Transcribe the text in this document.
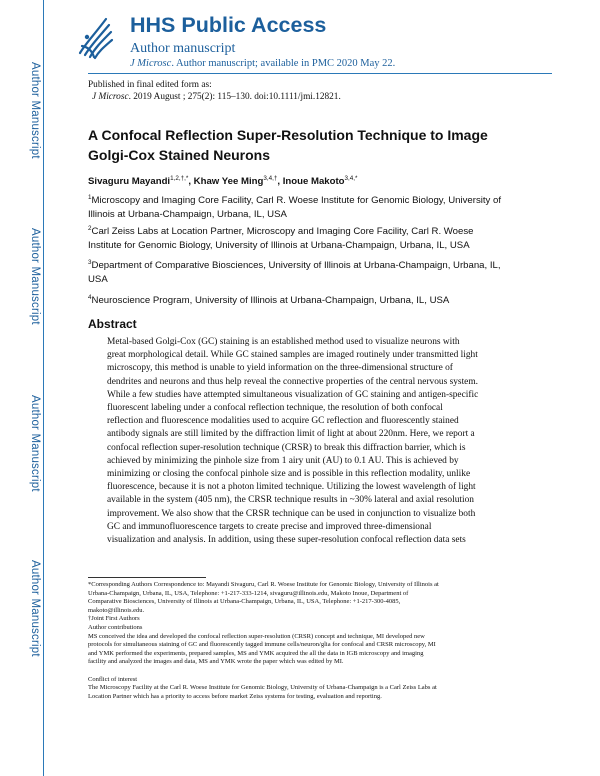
Author Manuscript
Author Manuscript
Author Manuscript
Author Manuscript
HHS Public Access
Author manuscript
J Microsc. Author manuscript; available in PMC 2020 May 22.
Published in final edited form as:
J Microsc. 2019 August ; 275(2): 115–130. doi:10.1111/jmi.12821.
A Confocal Reflection Super-Resolution Technique to Image
Golgi-Cox Stained Neurons
Sivaguru Mayandi$^{1,2,\dagger,*}$, Khaw Yee Ming$^{3,4,\dagger}$, Inoue Makoto$^{3,4,*}$
$^1$Microscopy and Imaging Core Facility, Carl R. Woese Institute for Genomic Biology, University of
Illinois at Urbana-Champaign, Urbana, IL, USA
$^2$Carl Zeiss Labs at Location Partner, Microscopy and Imaging Core Facility, Carl R. Woese
Institute for Genomic Biology, University of Illinois at Urbana-Champaign, Urbana, IL, USA
$^3$Department of Comparative Biosciences, University of Illinois at Urbana-Champaign, Urbana, IL,
USA
$^4$Neuroscience Program, University of Illinois at Urbana-Champaign, Urbana, IL, USA
Abstract
Metal-based Golgi-Cox (GC) staining is an established method used to visualize neurons with
great morphological detail. While GC stained samples are imaged routinely under transmitted light
microscopy, this method is unable to yield information on the three-dimensional structure of
dendrites and neurons and thus help reveal the connective properties of the central nervous system.
While a few studies have attempted simultaneous visualization of GC staining and antigen-specific
fluorescent labeling under a confocal reflection technique, the resolution of both confocal
reflection and fluorescence modalities used to acquire GC reflection and fluorescently stained
antibody signals are still limited by the diffraction limit of light at about 220nm. Here, we report a
confocal reflection super-resolution technique (CRSR) to break this diffraction barrier, which is
achieved by minimizing the pinhole size from 1 airy unit (AU) to 0.1 AU. This is achieved by
minimizing or closing the confocal pinhole size and is possible in this reflection modality, unlike
fluorescence, because it is not a photon limited technique. Utilizing the lowest wavelength of light
available in the system (405 nm), the CRSR technique results in ~30% lateral and axial resolution
improvement. We also show that the CRSR technique can be used in conjunction to visualize both
GC and immunofluorescence targets to create precise and improved three-dimensional
visualization and analysis. In addition, using these super-resolution confocal reflection data sets
*Corresponding Authors Correspondence to: Mayandi Sivaguru, Carl R. Woese Institute for Genomic Biology, University of Illinois at
Urbana-Champaign, Urbana, IL, USA, Telephone: +1-217-333-1214, sivaguru@illinois.edu, Makoto Inoue, Department of
Comparative Biosciences, University of Illinois at Urbana-Champaign, Urbana, IL, USA, Telephone: +1-217-300-4085,
makoto@illinois.edu.
†Joint First Authors
Author contributions
MS conceived the idea and developed the confocal reflection super-resolution (CRSR) concept and technique, MI developed new
protocols for simultaneous staining of GC and fluorescently tagged immune cells/neuron/glia for confocal and CRSR microscopy, MI
and YMK performed the experiments, prepared samples, MS and YMK acquired the all the data in IGB microscopy and imaging
facility and analyzed the images and data, MS and YMK wrote the paper which was edited by MI.
Conflict of interest
The Microscopy Facility at the Carl R. Woese Institute for Genomic Biology, University of Urbana-Champaign is a Carl Zeiss Labs at
Location Partner which has a priority to access before market Zeiss systems for testing, evaluation and reporting.
